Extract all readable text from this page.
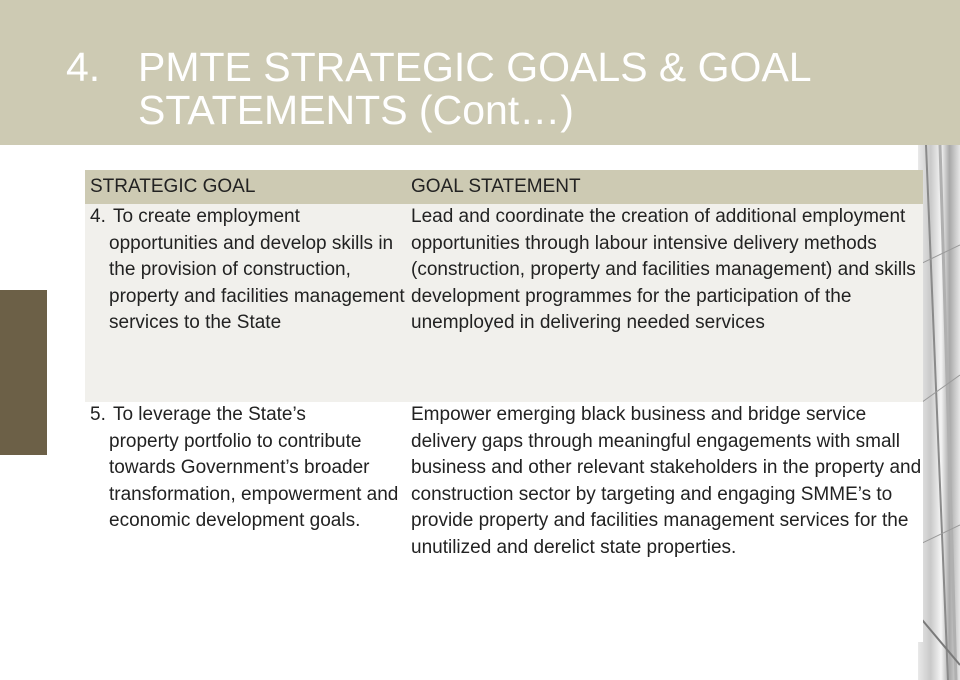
4. PMTE STRATEGIC GOALS & GOAL STATEMENTS (Cont…)
STRATEGIC GOAL	GOAL STATEMENT
4. To create employment
opportunities and develop skills in the provision of construction, property and facilities management services to the State
Lead and coordinate the creation of additional employment opportunities through labour intensive delivery methods (construction, property and facilities management) and skills development programmes for the participation of the unemployed in delivering needed services
5. To leverage the State’s
property portfolio to contribute towards Government’s broader transformation, empowerment and economic development goals.
Empower emerging black business and bridge service delivery gaps through meaningful engagements with small business and other relevant stakeholders in the property and construction sector by targeting and engaging SMME’s to provide property and facilities management services for the unutilized and derelict state properties.
